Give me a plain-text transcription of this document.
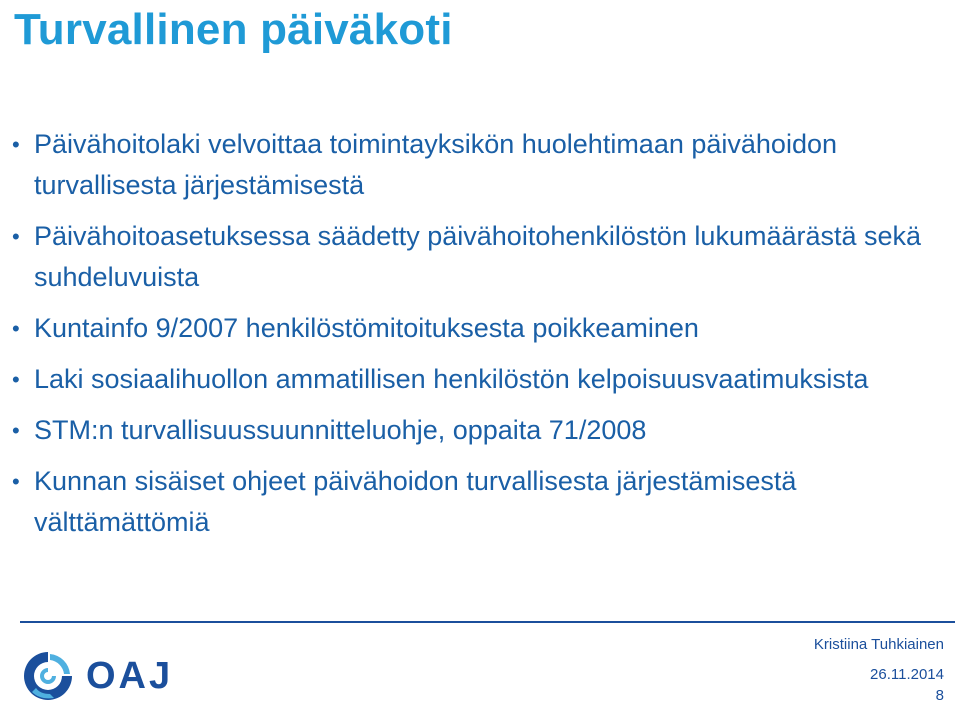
Turvallinen päiväkoti
• Päivähoitolaki velvoittaa toimintayksikön huolehtimaan päivähoidon turvallisesta järjestämisestä
• Päivähoitoasetuksessa säädetty päivähoitohenkilöstön lukumäärästä sekä suhdeluvuista
• Kuntainfo 9/2007 henkilöstömitoituksesta poikkeaminen
• Laki sosiaalihuollon ammatillisen henkilöstön kelpoisuusvaatimuksista
• STM:n turvallisuussuunnitteluohje, oppaita 71/2008
• Kunnan sisäiset ohjeet päivähoidon turvallisesta järjestämisestä välttämättömiä
OAJ
Kristiina Tuhkiainen
26.11.2014
8
